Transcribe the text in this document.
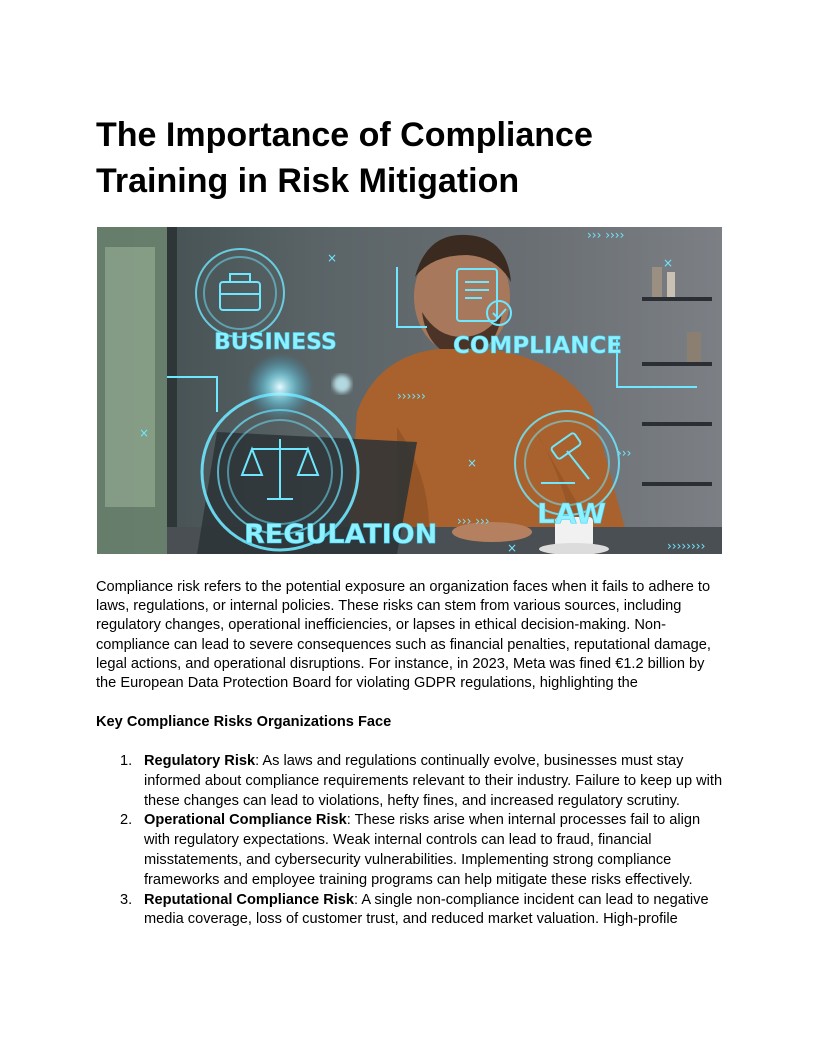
The Importance of Compliance Training in Risk Mitigation
×	×
×
×
×
››› ››››
››››››
›››
››› ›››
››››››››
BUSINESS	COMPLIANCE
REGULATION
LAW

Compliance risk refers to the potential exposure an organization faces when it fails to adhere to laws, regulations, or internal policies. These risks can stem from various sources, including regulatory changes, operational inefficiencies, or lapses in ethical decision-making. Non-compliance can lead to severe consequences such as financial penalties, reputational damage, legal actions, and operational disruptions. For instance, in 2023, Meta was fined €1.2 billion by the European Data Protection Board for violating GDPR regulations, highlighting the

Key Compliance Risks Organizations Face

1. Regulatory Risk: As laws and regulations continually evolve, businesses must stay informed about compliance requirements relevant to their industry. Failure to keep up with these changes can lead to violations, hefty fines, and increased regulatory scrutiny.
2. Operational Compliance Risk: These risks arise when internal processes fail to align with regulatory expectations. Weak internal controls can lead to fraud, financial misstatements, and cybersecurity vulnerabilities. Implementing strong compliance frameworks and employee training programs can help mitigate these risks effectively.
3. Reputational Compliance Risk: A single non-compliance incident can lead to negative media coverage, loss of customer trust, and reduced market valuation. High-profile
